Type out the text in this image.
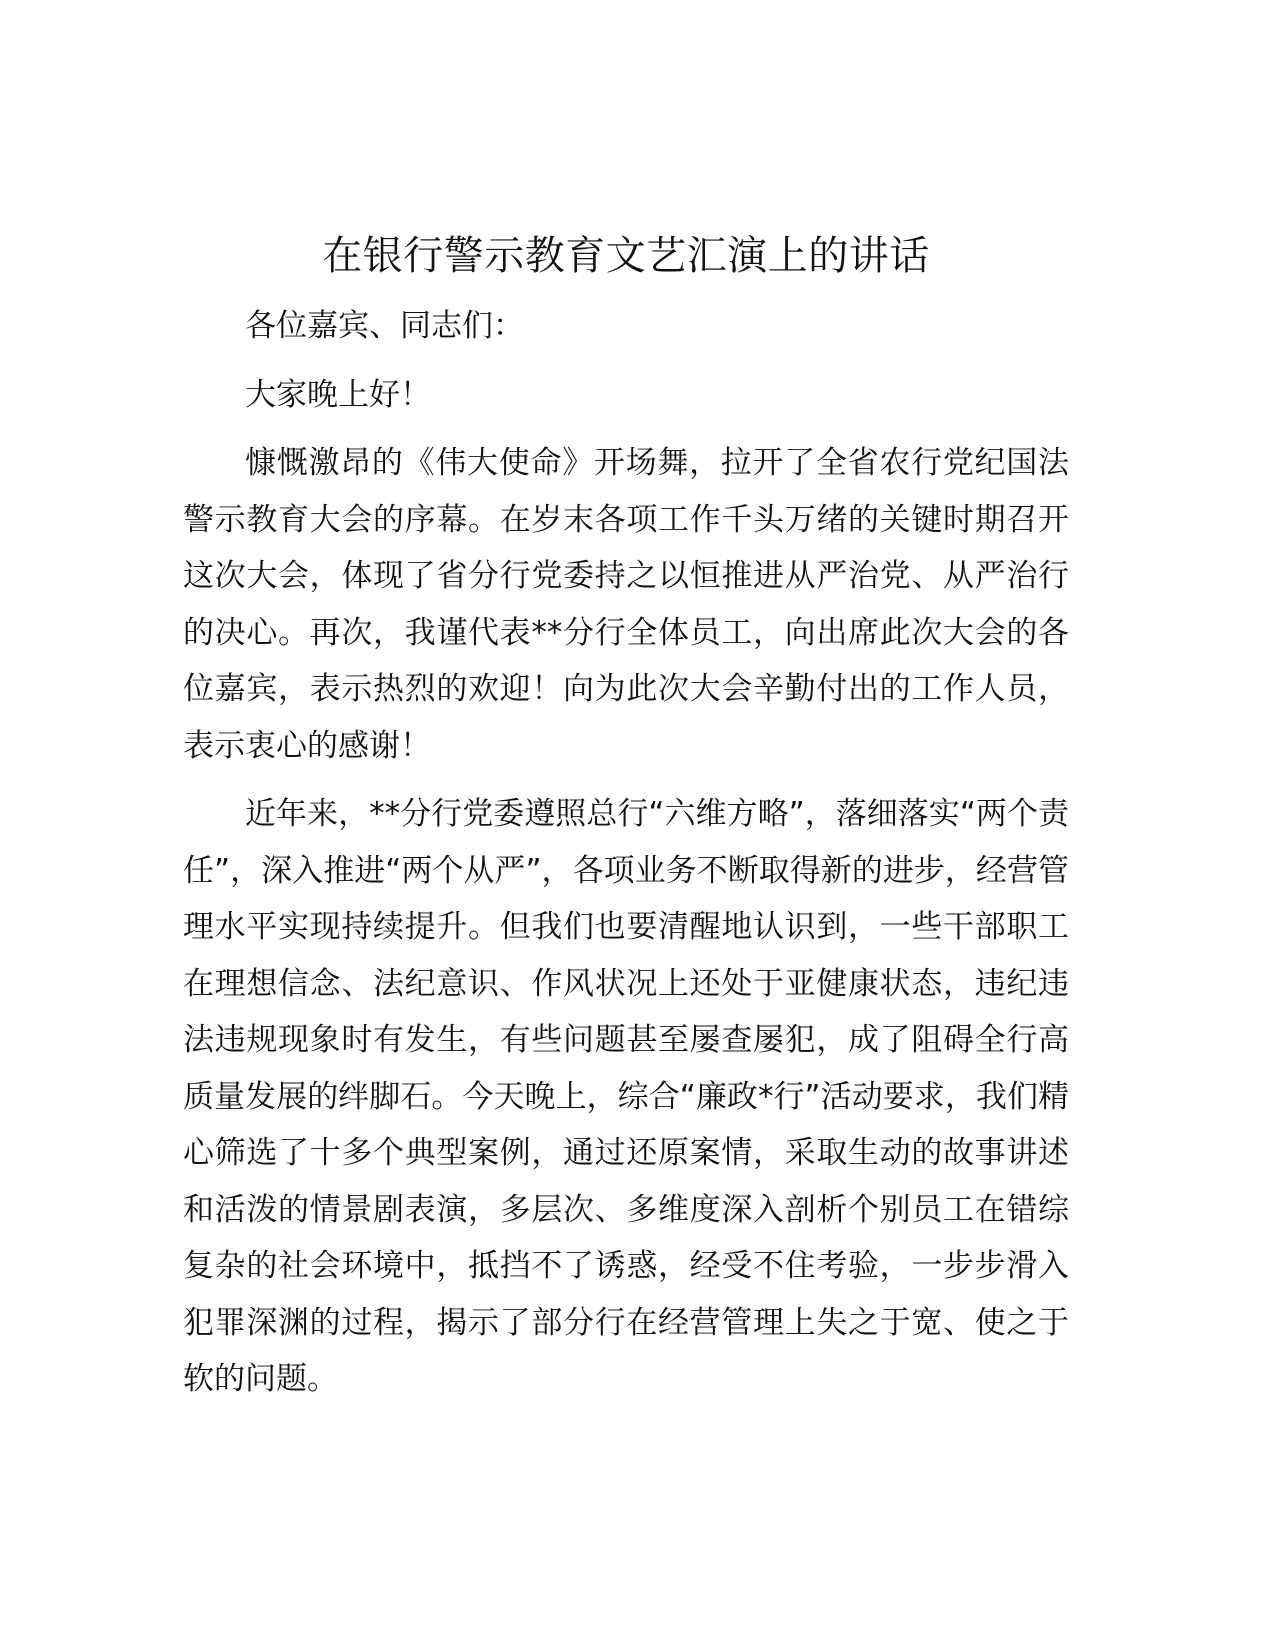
在银行警示教育文艺汇演上的讲话

各位嘉宾、同志们：

大家晚上好！

慷慨激昂的《伟大使命》开场舞，拉开了全省农行党纪国法警示教育大会的序幕。在岁末各项工作千头万绪的关键时期召开这次大会，体现了省分行党委持之以恒推进从严治党、从严治行的决心。再次，我谨代表**分行全体员工，向出席此次大会的各位嘉宾，表示热烈的欢迎！向为此次大会辛勤付出的工作人员，表示衷心的感谢！

近年来，**分行党委遵照总行“六维方略”，落细落实“两个责任”，深入推进“两个从严”，各项业务不断取得新的进步，经营管理水平实现持续提升。但我们也要清醒地认识到，一些干部职工在理想信念、法纪意识、作风状况上还处于亚健康状态，违纪违法违规现象时有发生，有些问题甚至屡查屡犯，成了阻碍全行高质量发展的绊脚石。今天晚上，综合“廉政*行”活动要求，我们精心筛选了十多个典型案例，通过还原案情，采取生动的故事讲述和活泼的情景剧表演，多层次、多维度深入剖析个别员工在错综复杂的社会环境中，抵挡不了诱惑，经受不住考验，一步步滑入犯罪深渊的过程，揭示了部分行在经营管理上失之于宽、使之于软的问题。
